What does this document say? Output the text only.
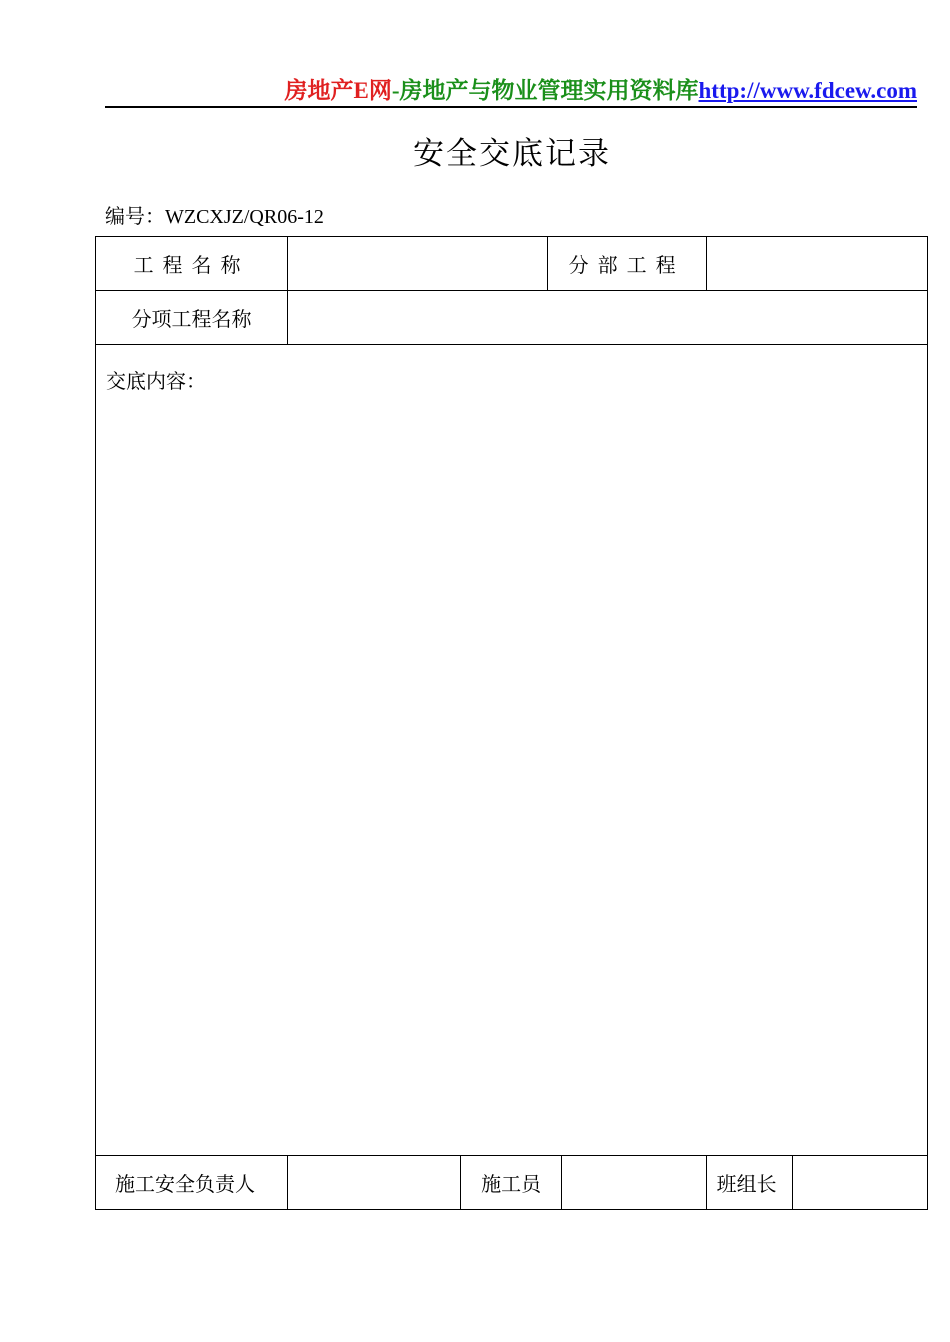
房地产E网-房地产与物业管理实用资料库http://www.fdcew.com
安全交底记录
编号：WZCXJZ/QR06-12
工程名称			分部工程			
分项工程名称						
交底内容：						
施工安全负责人		施工员			班组长	
